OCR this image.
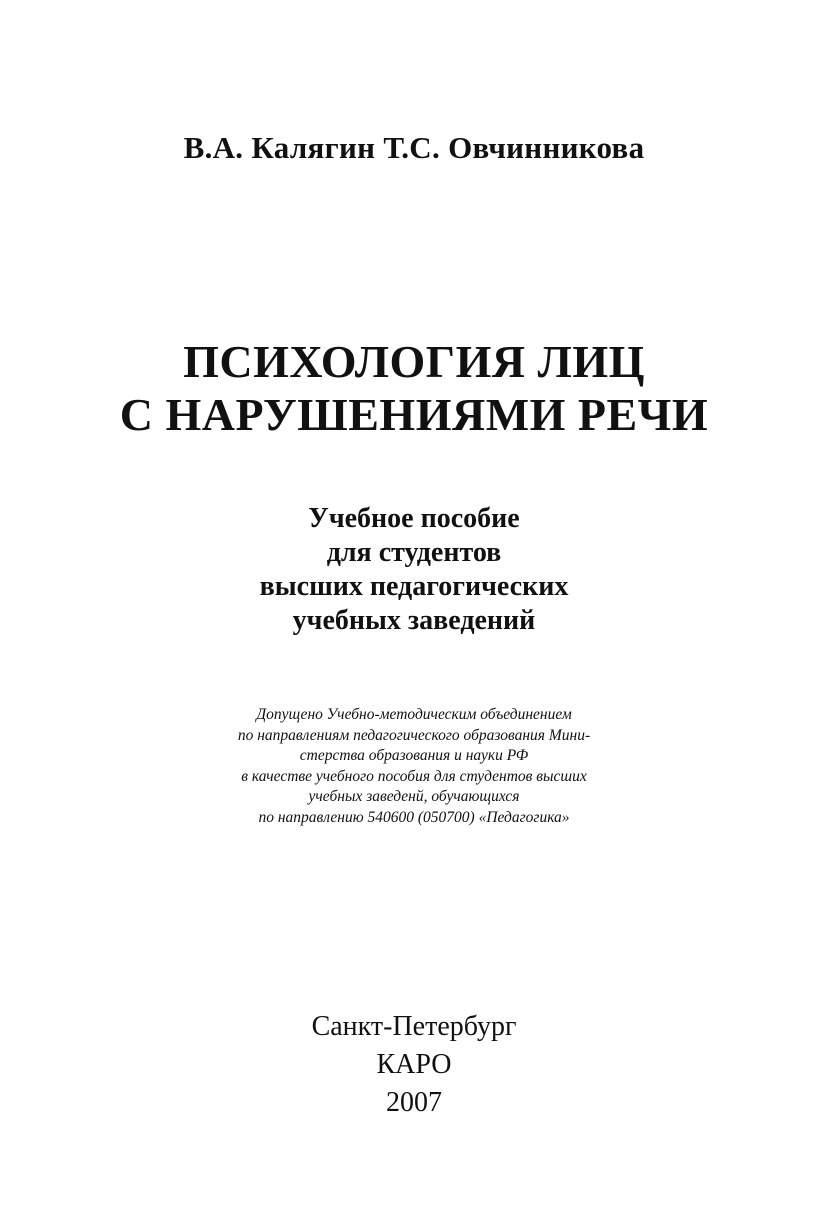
В.А. Калягин Т.С. Овчинникова
ПСИХОЛОГИЯ ЛИЦ
С НАРУШЕНИЯМИ РЕЧИ
Учебное пособие
для студентов
высших педагогических
учебных заведений
Допущено Учебно-методическим объединением
по направлениям педагогического образования Мини-
стерства образования и науки РФ
в качестве учебного пособия для студентов высших
учебных заведенй, обучающихся
по направлению 540600 (050700) «Педагогика»
Санкт-Петербург
КАРО
2007
